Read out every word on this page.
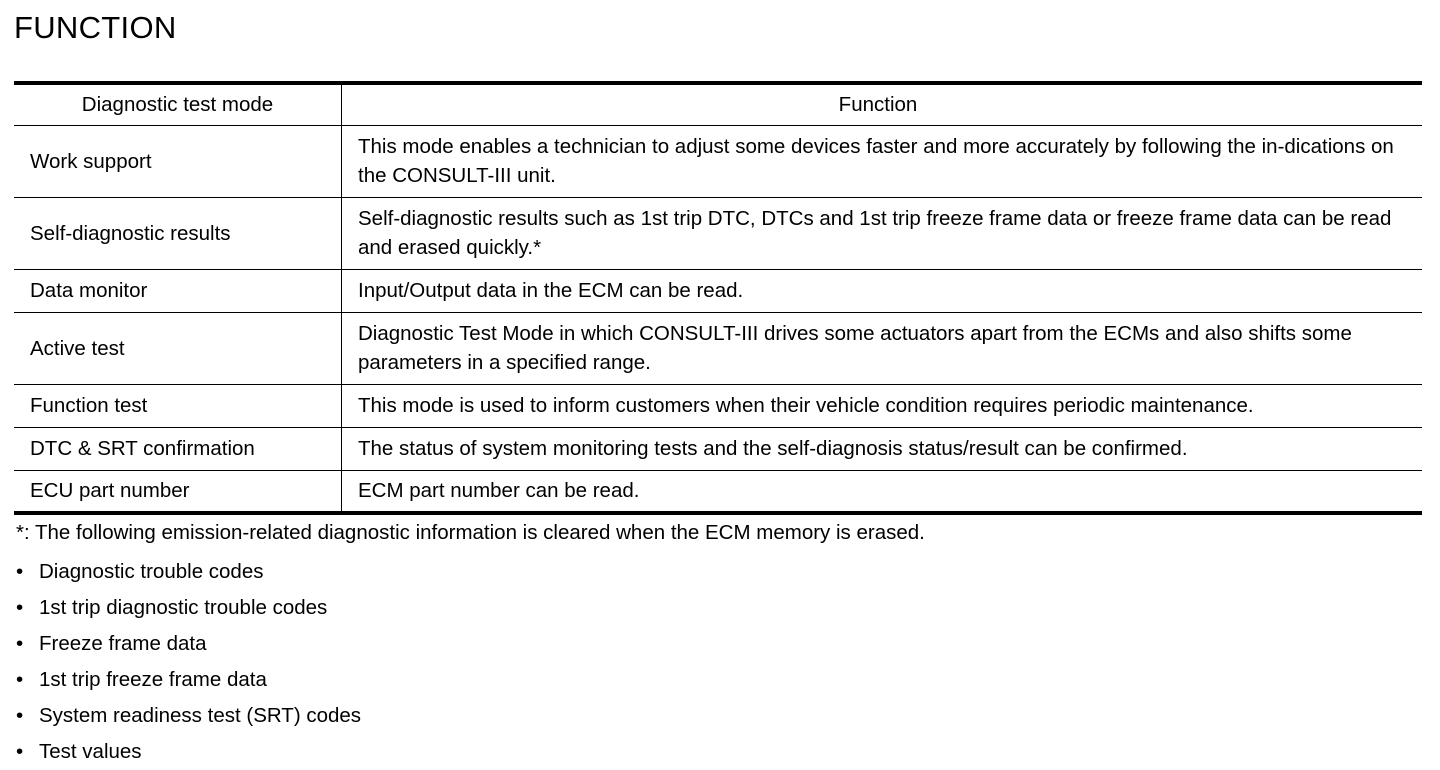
FUNCTION
Diagnostic test mode	Function
Work support	This mode enables a technician to adjust some devices faster and more accurately by following the in-dications on the CONSULT-III unit.
Self-diagnostic results	Self-diagnostic results such as 1st trip DTC, DTCs and 1st trip freeze frame data or freeze frame data can be read and erased quickly.*
Data monitor	Input/Output data in the ECM can be read.
Active test	Diagnostic Test Mode in which CONSULT-III drives some actuators apart from the ECMs and also shifts some parameters in a specified range.
Function test	This mode is used to inform customers when their vehicle condition requires periodic maintenance.
DTC & SRT confirmation	The status of system monitoring tests and the self-diagnosis status/result can be confirmed.
ECU part number	ECM part number can be read.
*: The following emission-related diagnostic information is cleared when the ECM memory is erased.
• Diagnostic trouble codes
• 1st trip diagnostic trouble codes
• Freeze frame data
• 1st trip freeze frame data
• System readiness test (SRT) codes
• Test values
